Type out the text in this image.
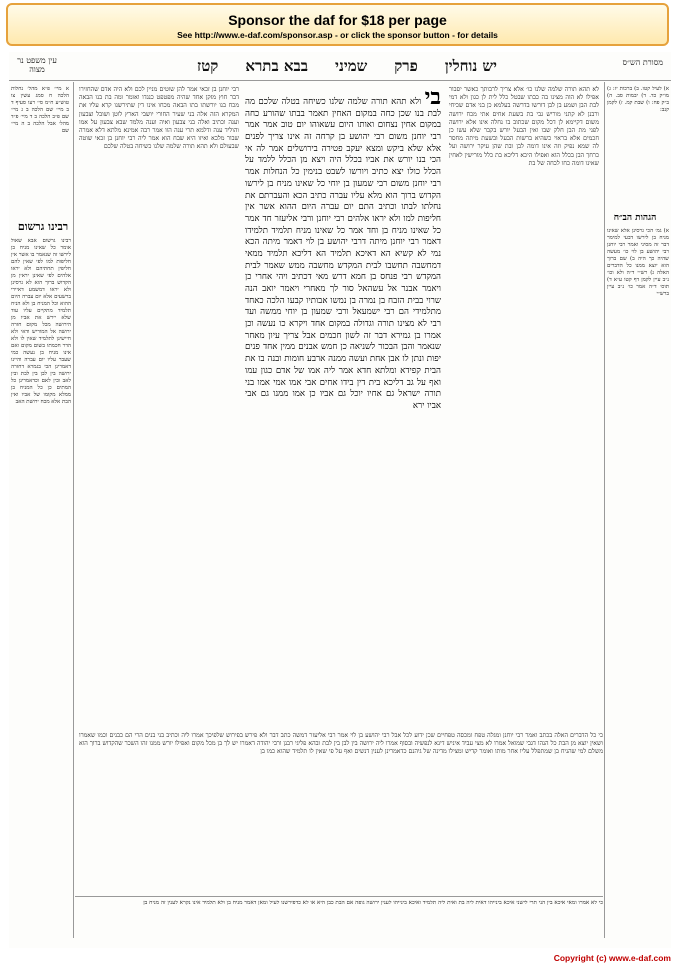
Sponsor the daf for $18 per page
See http://www.e-daf.com/sponsor.asp - or click the sponsor button - for details
מסורת הש״ס
עין משפט נר מצוה	יש נוחלין
פרק
שמיני
בבא בתרא
קטז
א מיי׳ פ״א מהל׳ נחלות הלכה ח סמג עשין צו טוש״ע ח״מ סי׳ רעו סעיף ד ב מיי׳ שם הלכה ב ג מיי׳ שם פ״ב הלכה ב ד מיי׳ פ״ד מהל׳ אבל הלכה ב ה מיי׳ שם
רבינו גרשום
רבינו גרשום אבא שאול אומר כל שאינו מניח בן לירשו זה שנאמר בו אשר אין חליפות למו לפי שאין להם חליפין תחתיהם ולא יראו אלהים לפי שאינן יראין מן הקדוש ברוך הוא לא גרסינן ולא יראו דמשמע דאיירי ברשעים אלא יום עברה היום ההוא וכל המניח בן ולא הניח תלמיד מתקיים עליו עוד שלא יירש את אביו מן הירושה מכל מקום חזרה ירושה אל המוריש ודאי ולא חיישינן לתלמיד שאין לו ולא הדר חכמתו בשום מקום ואם אינו מניח בן נעשה כמי שעבר עליו יום עברה והיינו דאמרינן הכי בגמרא דחזרה ירושה בין לבן בין לבת ובין לאב ובין לאם וכדאמרינן כל המתים כן כל המניח בן ממלא מקומו של אביו ואין הבת אלא מכח ירושת האב
א) לעיל קטו. ב) ברכות יז: ג) מו״ק כד. ד) יבמות סב. ה) ב״ק פח: ו) שבת קמ. ז) לקמן קנב:
הגהות הב״ח
א) גמ׳ הכי גרסינן אלא שאינו מניח בן לירשו דבעי למימר דבר זה מסיני ואמר רבי יוחנן רבי יהושע בן לוי כו׳ מעשה שהיה כך היה ב) שם ברוך הוא יוצא ממנו כל הדברים האלה ג) רש״י ד״ה ולא וכו׳ נ״ב עיין לקמן דף קטו ע״א ד) תוס׳ ד״ה אמר כו׳ נ״ב עיין ברש״י
רבי יוחנן בן זכאי אמר להן שוטים מניין לכם ולא היה אדם שהחזירו דבר חוץ מזקן אחד שהיה מפטפט כנגדו ואומר ומה בת בנו הבאה מכח בנו יורשתו בתו הבאה מכחו אינו דין שתירשנו קרא עליו את המקרא הזה אלה בני שעיר החורי יושבי הארץ לוטן ושובל וצבעון וענה וכתיב ואלה בני צבעון ואיה וענה מלמד שבא צבעון על אמו והוליד ענה ודלמא תרי ענה הוו אמר רבה אמינא מלתא דלא אמרה שבור מלכא ואיזו היא שבח הוא אמר ליה רבי יוחנן בן זכאי שוטה שבעולם ולא תהא תורה שלמה שלנו כשיחה בטלה שלכם
לא תהא תורה שלמה שלנו כו׳ אלא צריך לרבותך כאשר יסבור אפילו לא הוה מצינו בה כבתו שבטל כלל לית לן כגון ולא דמי לבת הבן ושמע בן לבן דורשו בדרשה בעלמא כן בני אדם שכיחי ורבנן לא קתני מוריש גבי בת בשעת אחים אתי מכח ירושה משום דקיימא לן דכל מקום שכתוב בו נחלה אינו אלא ירושה לפני מת הבן חלק שבו ואין הבעל יורש בקבר שלא עשו כן חכמים אלא בראוי כשהיא ברשות הבעל ובשעת מיתה מחסר לה שמא נפיק וזה אינו דומה לבן ובת שהן עיקר ירושה ועל כרחך הבן בכלל הוא ואפילו היכא דליכא בת כלל מורישין לאחין שאינו דומה כחו לכחה של בת
בי ולא תהא תורה שלמה שלנו כשיחה בטלה שלכם מה לבת בנו שכן כחה במקום האחין תאמר בבתו שהורע כחה במקום אחין נצחום ואותו היום עשאוהו יום טוב אמר אמר רבי יוחנן משום רבי יהושע בן קרחה זה אינו צריך לפנים אלא שלא ביקש ומצא יעקב פטירה בירושלים אמר לה אי הכי בנו יורש את אביו בכלל היה ויצא מן הכלל ללמד על הכלל כולו יצא כתיב ויורשו לשבט בנימין כל הנחלות אמר רבי יוחנן משום רבי שמעון בן יוחי כל שאינו מניח בן לירשו הקדוש ברוך הוא מלא עליו עברה כתיב הכא והעברתם את נחלתו לבתו וכתיב התם יום עברה היום ההוא אשר אין חליפות למו ולא יראו אלהים רבי יוחנן ורבי אליעזר חד אמר כל שאינו מניח בן וחד אמר כל שאינו מניח תלמיד תלמידו דאמר רבי יוחנן מיתה דרבי יהושע בן לוי דאמר מיתה הכא נמי לא קשיא הא דאיכא תלמיד הא דליכא תלמיד ממאי דמחשבה תחשבו לבית המקדש מחשבה ממש שאמר לבית המקדש רבי פנחס בן חמא דרש מאי דכתיב ויהי אחרי כן ויאמר אבנר אל עשהאל סור לך מאחרי ויאמר יואב הנה שרוי בבית הזבח בן נמרה בן נמשו אבותיו קבעו הלכה כאחד מתלמידי הם רבי ישמעאל ורבי שמעון בן יוחי ממשה ועד רבי לא מצינו תורה וגדולה במקום אחד ויקרא כו נעשה וכן אמרו בן גמירא דבר זה לשון חכמים אבל צריך עיון מאחר שנאמר והבן הבכור לשניאה כן חמש אבנים ממין אחד פנים יפות ונתן לו אבן אחת ועשה ממנה ארבע חומות ובנה בו את הבית קפידא ומלתא חדא אמר ליה אמו של אדם כגון עמו ואף על גב דליכא בית דין בידו אחים אבי אמו אמי אמו בני תורה ישראל גם אחיו יוכל גם אביו כן אמו ממנו גם אבי אביו ירא
כי כל הדברים האלה בכתב ואמר רבי יוחנן ומגלה טפח ומכסה טפחיים שכן ידוע לכל אבל רבי יהושע בן לוי אמר רבי אליעזר דמשה כתב דבר ולא פירש בפירוש שלפיכך אמרו ליה וכתיב בני בנים הרי הם כבנים וכמו שאמרו ושאין יוצא מן הבת כל הנהו דגבי שמואל אמרו לא מצי עביד איניש דינא לנפשיה ובסוף אמרו ליה ירושה בין לבן בין לבת ובהא פליגי רבנן ורבי יהודה דאמרו יש לך בן מכל מקום ואפילו יורש ממנו זהו השכר שהקדוש ברוך הוא משלם למי שהניח בן שמתפלל עליו אחר מותו ואומר קדיש ומצילו מדינה של גיהנם כדאמרינן לענין דנשים ואף על פי שאין לו תלמיד שהוא כמו בן
כי לא אמרו ומאי איכא בין הני תרי לישני איכא בינייהו דאית ליה בת ואית ליה תלמיד ואיכא בינייהו לענין ירושה גופה אם הבת כבן היא או לא כדפירשנו לעיל ומאן דאמר מניח בן ולא תלמיד אינו נקרא לענין זה מניח בן
Copyright (c) www.e-daf.com
